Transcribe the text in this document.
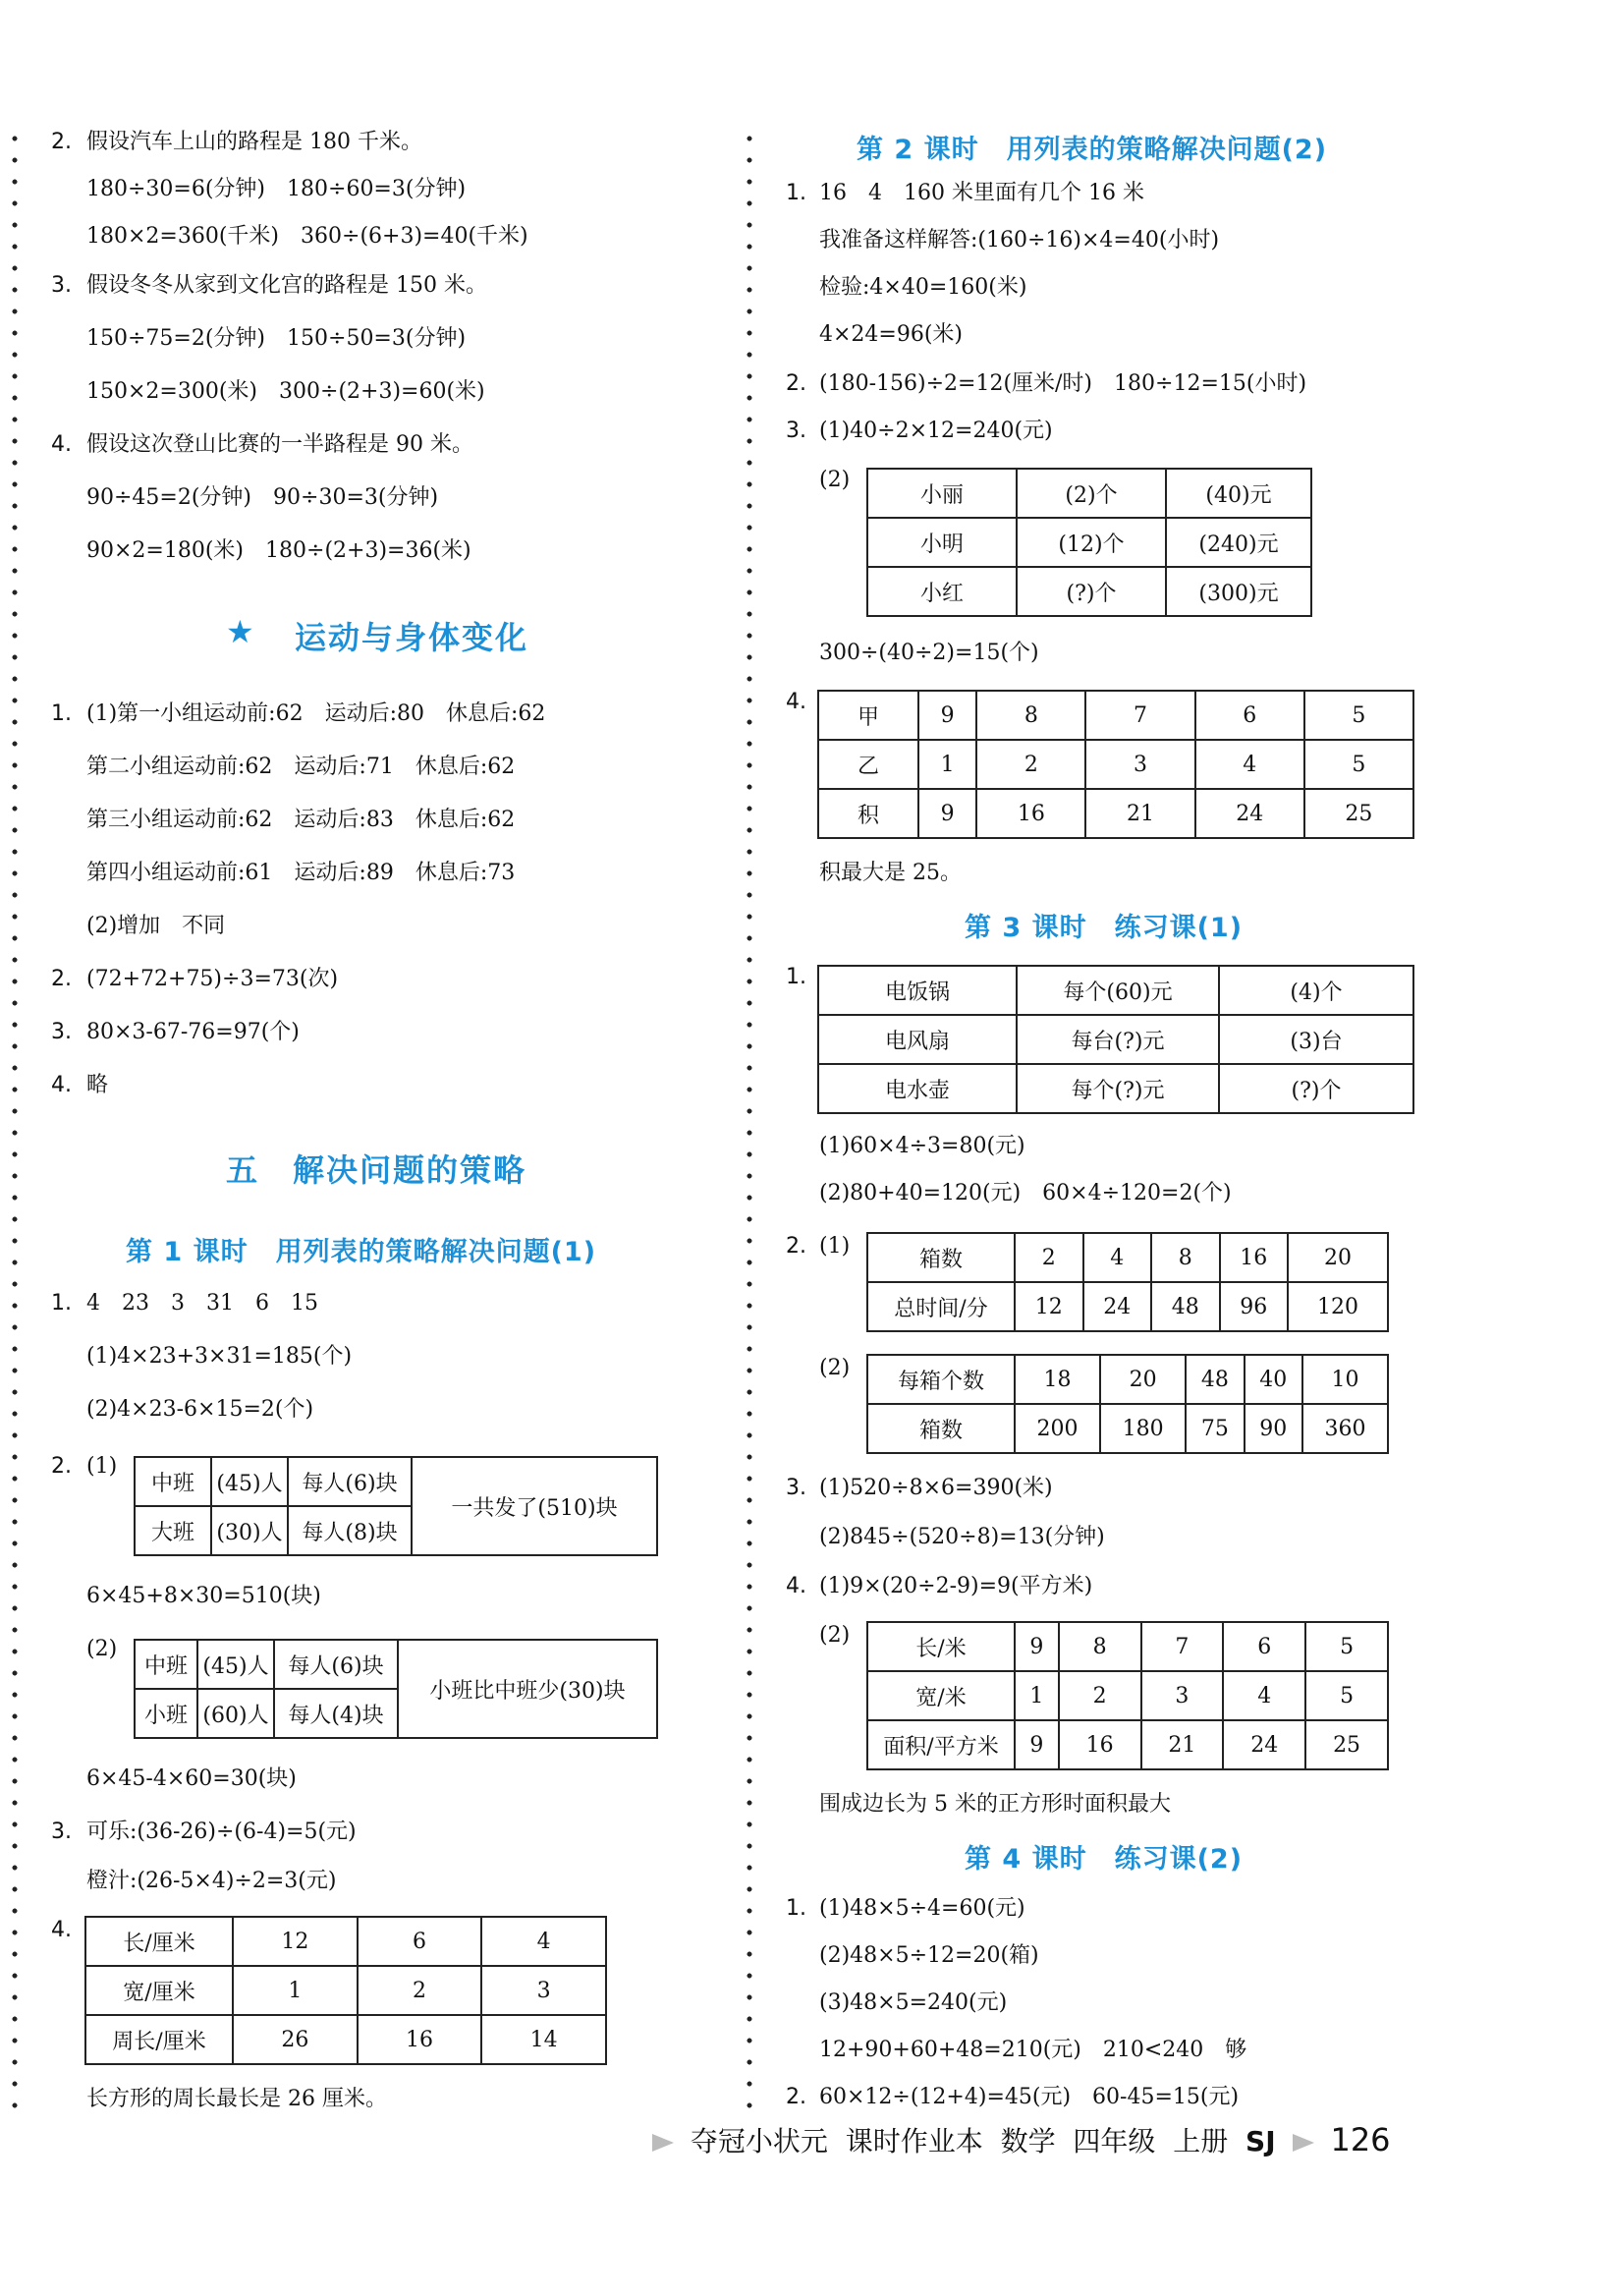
2. 假设汽车上山的路程是 180 千米。
180÷30=6(分钟)　180÷60=3(分钟)
180×2=360(千米)　360÷(6+3)=40(千米)
3. 假设冬冬从家到文化宫的路程是 150 米。
150÷75=2(分钟)　150÷50=3(分钟)
150×2=300(米)　300÷(2+3)=60(米)
4. 假设这次登山比赛的一半路程是 90 米。
90÷45=2(分钟)　90÷30=3(分钟)
90×2=180(米)　180÷(2+3)=36(米)
★ 运动与身体变化
1. (1)第一小组运动前:62　运动后:80　休息后:62
第二小组运动前:62　运动后:71　休息后:62
第三小组运动前:62　运动后:83　休息后:62
第四小组运动前:61　运动后:89　休息后:73
(2)增加　不同
2. (72+72+75)÷3=73(次)
3. 80×3-67-76=97(个)
4. 略
五　解决问题的策略
第 1 课时　用列表的策略解决问题(1)
1. 4　23　3　31　6　15
(1)4×23+3×31=185(个)
(2)4×23-6×15=2(个)
2. (1)
中班	(45)人	每人(6)块	一共发了(510)块
大班	(30)人	每人(8)块	
6×45+8×30=510(块)
(2)
中班	(45)人	每人(6)块	小班比中班少(30)块
小班	(60)人	每人(4)块	
6×45-4×60=30(块)
3. 可乐:(36-26)÷(6-4)=5(元)
橙汁:(26-5×4)÷2=3(元)
4.
长/厘米	12	6	4
宽/厘米	1	2	3
周长/厘米	26	16	14
长方形的周长最长是 26 厘米。
第 2 课时　用列表的策略解决问题(2)
1. 16　4　160 米里面有几个 16 米
我准备这样解答:(160÷16)×4=40(小时)
检验:4×40=160(米)
4×24=96(米)
2. (180-156)÷2=12(厘米/时)　180÷12=15(小时)
3. (1)40÷2×12=240(元)
(2)
小丽	(2)个	(40)元
小明	(12)个	(240)元
小红	(?)个	(300)元
300÷(40÷2)=15(个)
4.
甲	9	8	7	6	5
乙	1	2	3	4	5
积	9	16	21	24	25
积最大是 25。
第 3 课时　练习课(1)
1.
电饭锅	每个(60)元	(4)个
电风扇	每台(?)元	(3)台
电水壶	每个(?)元	(?)个
(1)60×4÷3=80(元)
(2)80+40=120(元)　60×4÷120=2(个)
2. (1)
箱数	2	4	8	16	20
总时间/分	12	24	48	96	120
(2)
每箱个数	18	20	48	40	10
箱数	200	180	75	90	360
3. (1)520÷8×6=390(米)
(2)845÷(520÷8)=13(分钟)
4. (1)9×(20÷2-9)=9(平方米)
(2)
长/米	9	8	7	6	5
宽/米	1	2	3	4	5
面积/平方米	9	16	21	24	25
围成边长为 5 米的正方形时面积最大
第 4 课时　练习课(2)
1. (1)48×5÷4=60(元)
(2)48×5÷12=20(箱)
(3)48×5=240(元)
12+90+60+48=210(元)　210<240　够
2. 60×12÷(12+4)=45(元)　60-45=15(元)
夺冠小状元 课时作业本 数学 四年级 上册 SJ 126
